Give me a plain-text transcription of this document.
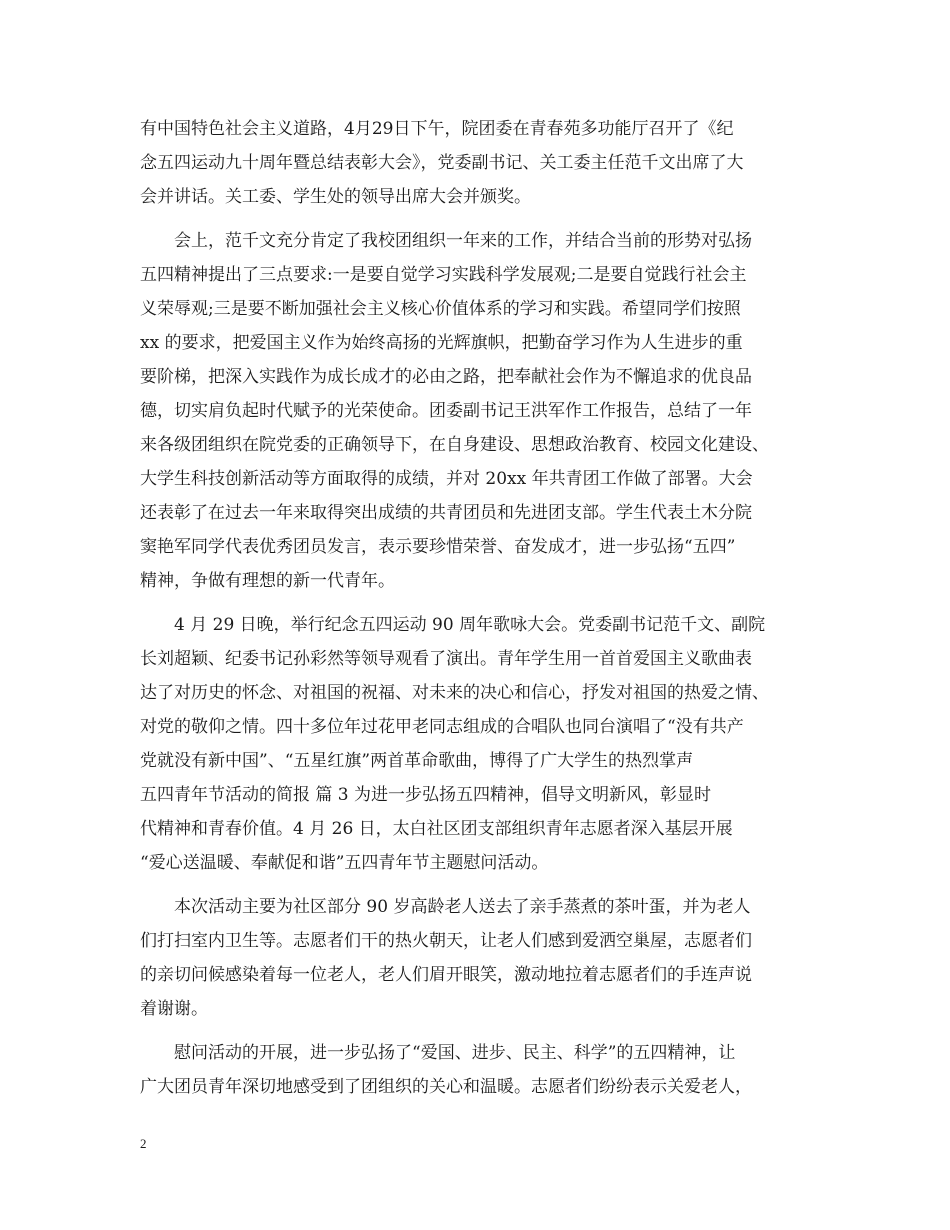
有中国特色社会主义道路，4月29日下午，院团委在青春苑多功能厅召开了《纪
念五四运动九十周年暨总结表彰大会》，党委副书记、关工委主任范千文出席了大
会并讲话。关工委、学生处的领导出席大会并颁奖。
会上，范千文充分肯定了我校团组织一年来的工作，并结合当前的形势对弘扬
五四精神提出了三点要求:一是要自觉学习实践科学发展观;二是要自觉践行社会主
义荣辱观;三是要不断加强社会主义核心价值体系的学习和实践。希望同学们按照
xx 的要求，把爱国主义作为始终高扬的光辉旗帜，把勤奋学习作为人生进步的重
要阶梯，把深入实践作为成长成才的必由之路，把奉献社会作为不懈追求的优良品
德，切实肩负起时代赋予的光荣使命。团委副书记王洪军作工作报告，总结了一年
来各级团组织在院党委的正确领导下，在自身建设、思想政治教育、校园文化建设、
大学生科技创新活动等方面取得的成绩，并对 20xx 年共青团工作做了部署。大会
还表彰了在过去一年来取得突出成绩的共青团员和先进团支部。学生代表土木分院
窦艳军同学代表优秀团员发言，表示要珍惜荣誉、奋发成才，进一步弘扬“五四”
精神，争做有理想的新一代青年。
4 月 29 日晚，举行纪念五四运动 90 周年歌咏大会。党委副书记范千文、副院
长刘超颖、纪委书记孙彩然等领导观看了演出。青年学生用一首首爱国主义歌曲表
达了对历史的怀念、对祖国的祝福、对未来的决心和信心，抒发对祖国的热爱之情、
对党的敬仰之情。四十多位年过花甲老同志组成的合唱队也同台演唱了“没有共产
党就没有新中国”、“五星红旗”两首革命歌曲，博得了广大学生的热烈掌声
五四青年节活动的简报 篇 3 为进一步弘扬五四精神，倡导文明新风，彰显时
代精神和青春价值。4 月 26 日，太白社区团支部组织青年志愿者深入基层开展
“爱心送温暖、奉献促和谐”五四青年节主题慰问活动。
本次活动主要为社区部分 90 岁高龄老人送去了亲手蒸煮的茶叶蛋，并为老人
们打扫室内卫生等。志愿者们干的热火朝天，让老人们感到爱洒空巢屋，志愿者们
的亲切问候感染着每一位老人，老人们眉开眼笑，激动地拉着志愿者们的手连声说
着谢谢。
慰问活动的开展，进一步弘扬了“爱国、进步、民主、科学”的五四精神，让
广大团员青年深切地感受到了团组织的关心和温暖。志愿者们纷纷表示关爱老人，
2
